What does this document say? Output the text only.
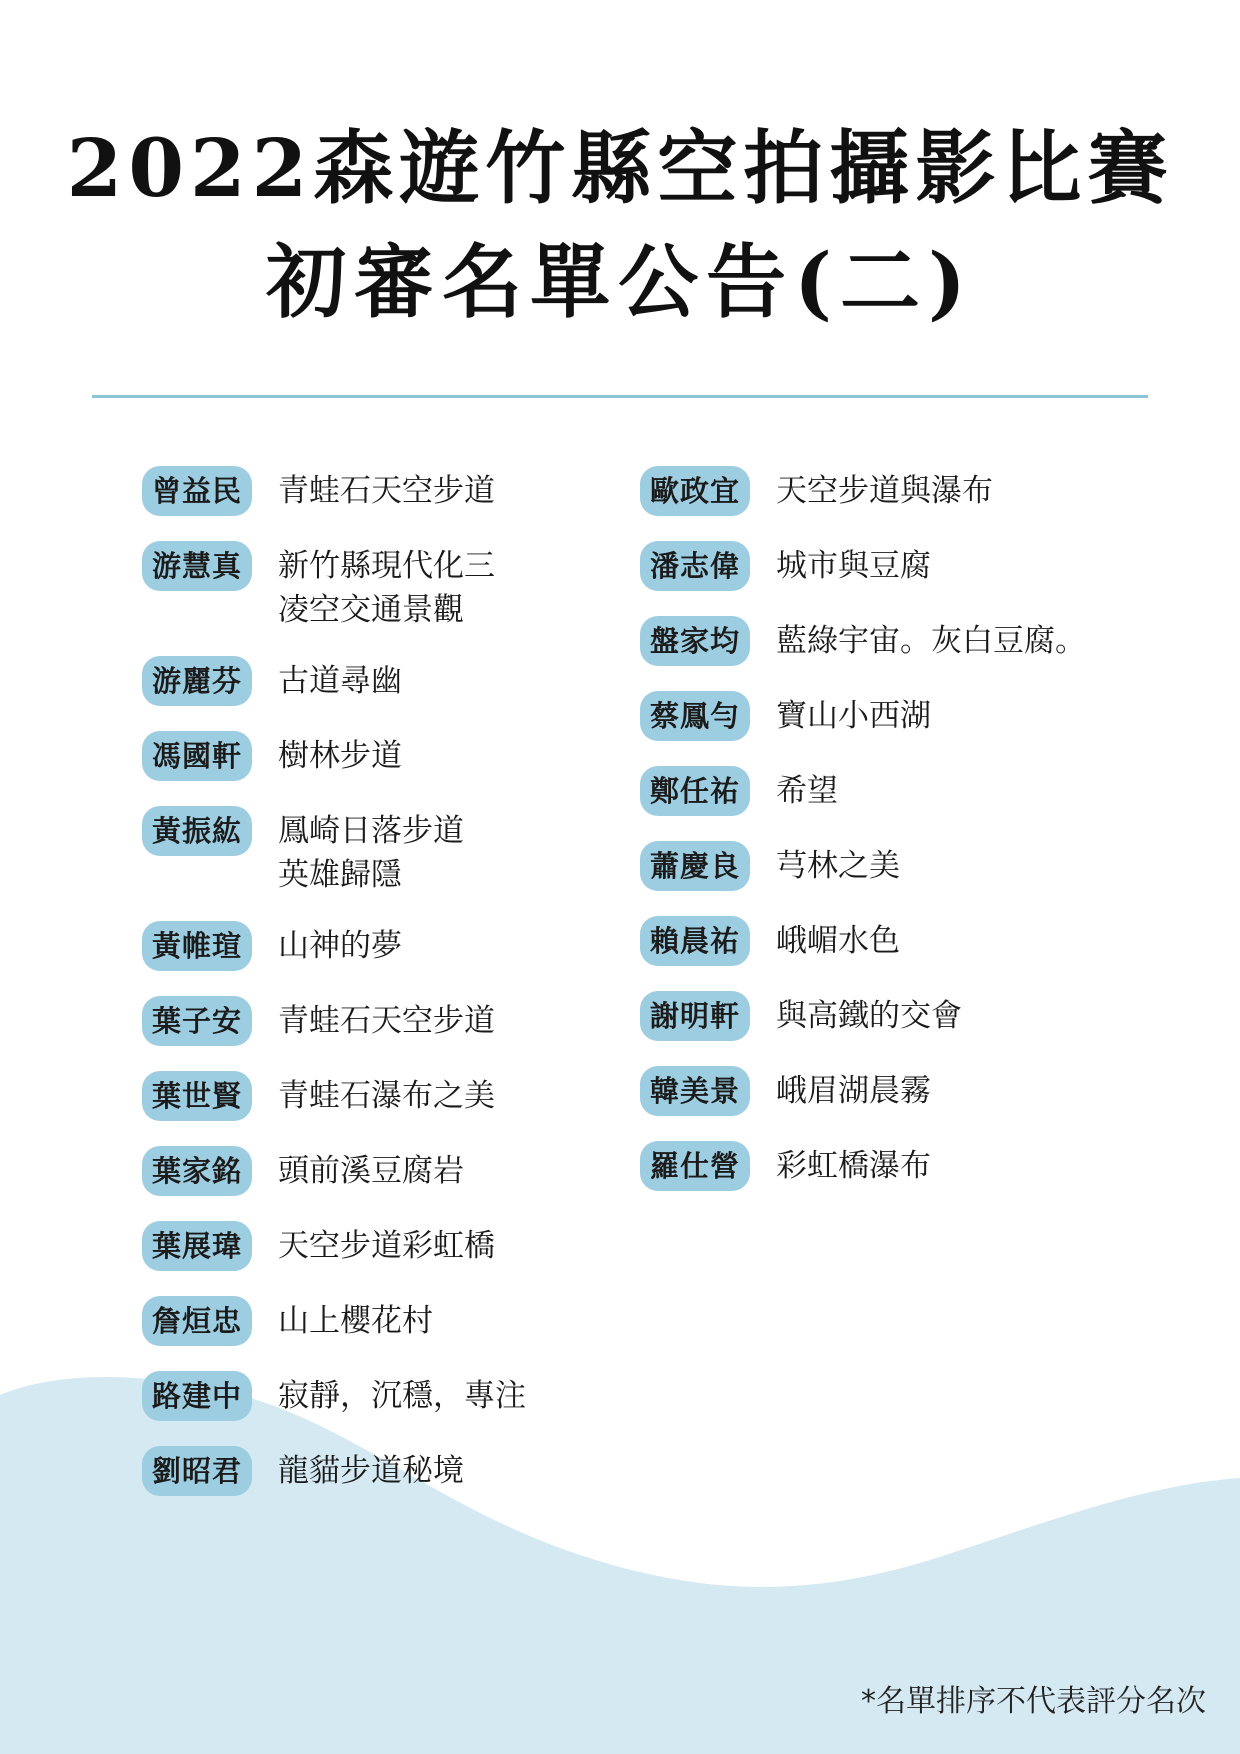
2022森遊竹縣空拍攝影比賽
初審名單公告(二)
曾益民	青蛙石天空步道
游慧真	新竹縣現代化三
凌空交通景觀
游麗芬	古道尋幽
馮國軒	樹林步道
黃振紘	鳳崎日落步道
英雄歸隱
黃帷瑄	山神的夢
葉子安	青蛙石天空步道
葉世賢	青蛙石瀑布之美
葉家銘	頭前溪豆腐岩
葉展瑋	天空步道彩虹橋
詹烜忠	山上櫻花村
路建中	寂靜，沉穩，專注
劉昭君	龍貓步道秘境
歐政宜	天空步道與瀑布
潘志偉	城市與豆腐
盤家均	藍綠宇宙。灰白豆腐。
蔡鳳勻	寶山小西湖
鄭任祐	希望
蕭慶良	芎林之美
賴晨祐	峨嵋水色
謝明軒	與高鐵的交會
韓美景	峨眉湖晨霧
羅仕營	彩虹橋瀑布
*名單排序不代表評分名次
